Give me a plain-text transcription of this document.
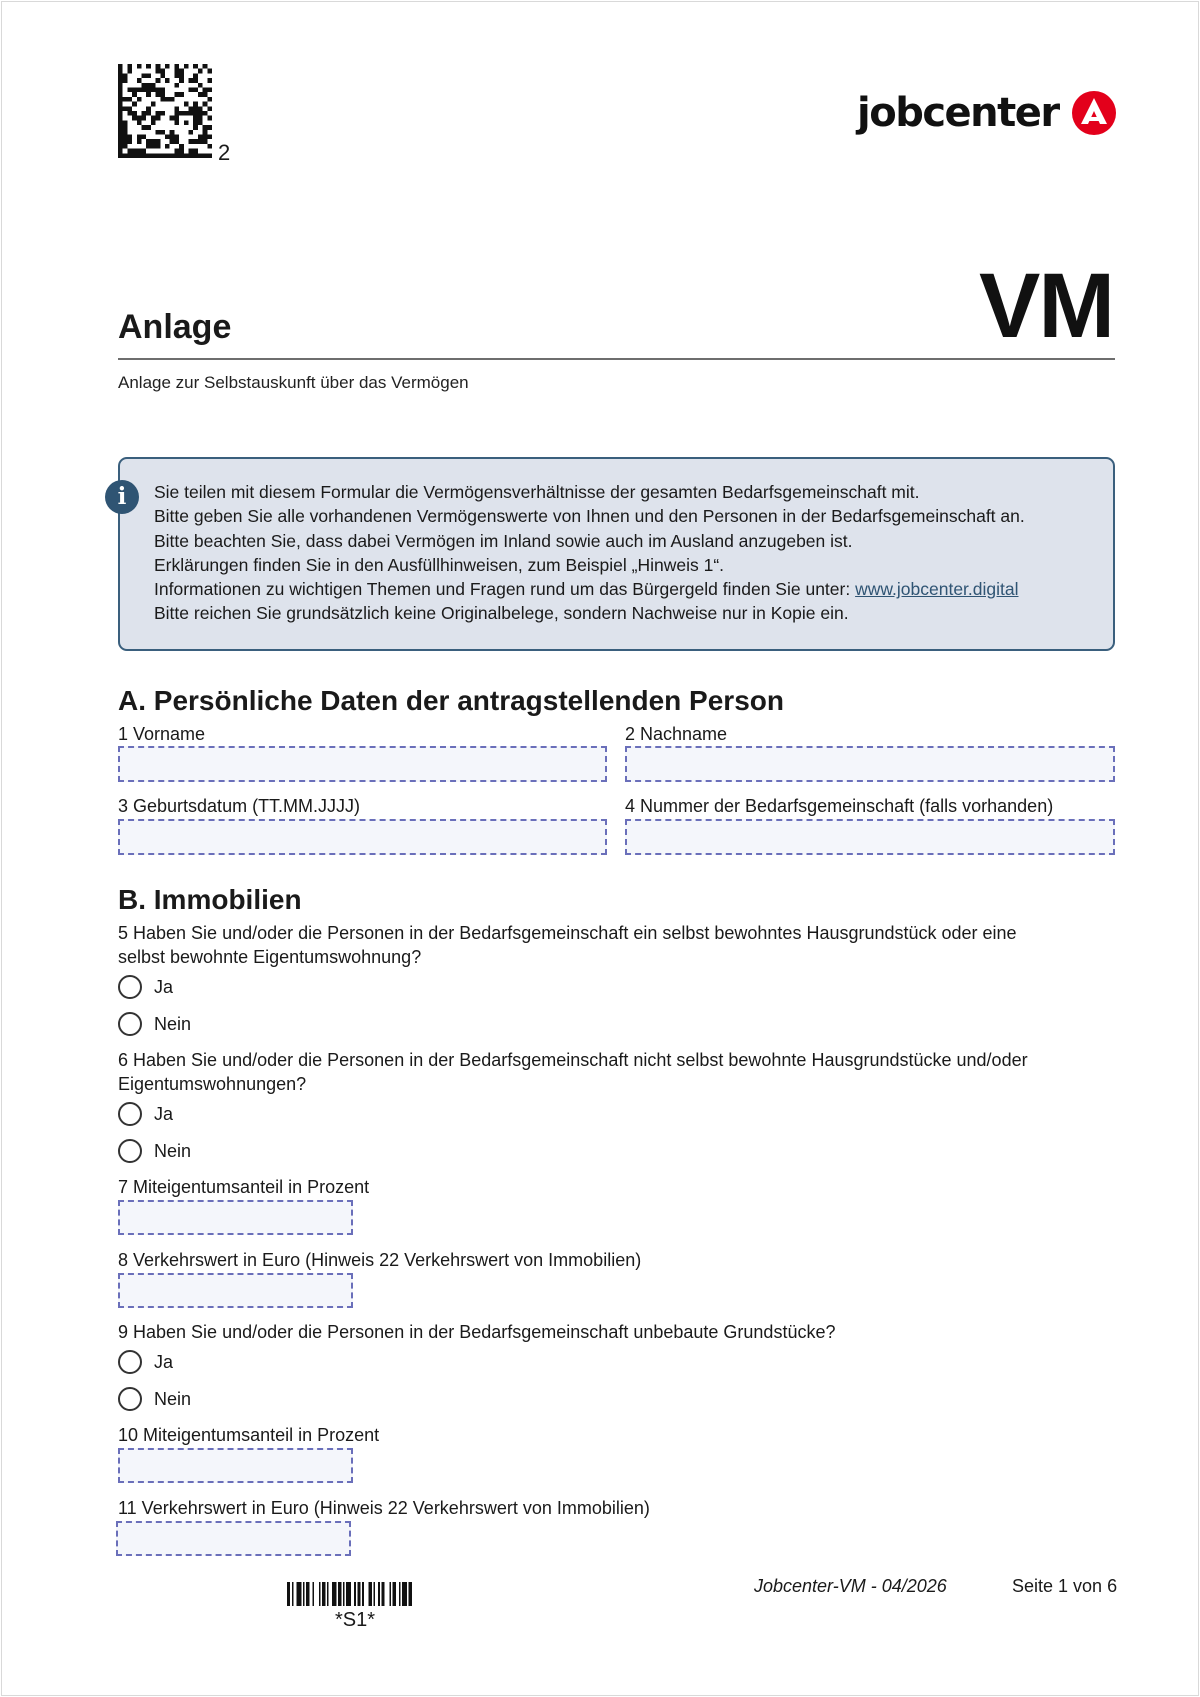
2
jobcenter
VM
Anlage
Anlage zur Selbstauskunft über das Vermögen
i	Sie teilen mit diesem Formular die Vermögensverhältnisse der gesamten Bedarfsgemeinschaft mit.
Bitte geben Sie alle vorhandenen Vermögenswerte von Ihnen und den Personen in der Bedarfsgemeinschaft an.
Bitte beachten Sie, dass dabei Vermögen im Inland sowie auch im Ausland anzugeben ist.
Erklärungen finden Sie in den Ausfüllhinweisen, zum Beispiel „Hinweis 1“.
Informationen zu wichtigen Themen und Fragen rund um das Bürgergeld finden Sie unter: www.jobcenter.digital
Bitte reichen Sie grundsätzlich keine Originalbelege, sondern Nachweise nur in Kopie ein.
A. Persönliche Daten der antragstellenden Person
1 Vorname	2 Nachname
3 Geburtsdatum (TT.MM.JJJJ)	4 Nummer der Bedarfsgemeinschaft (falls vorhanden)
B. Immobilien
5 Haben Sie und/oder die Personen in der Bedarfsgemeinschaft ein selbst bewohntes Hausgrundstück oder eine
selbst bewohnte Eigentumswohnung?
Ja
Nein
6 Haben Sie und/oder die Personen in der Bedarfsgemeinschaft nicht selbst bewohnte Hausgrundstücke und/oder
Eigentumswohnungen?
Ja
Nein
7 Miteigentumsanteil in Prozent
8 Verkehrswert in Euro (Hinweis 22 Verkehrswert von Immobilien)
9 Haben Sie und/oder die Personen in der Bedarfsgemeinschaft unbebaute Grundstücke?
Ja
Nein
10 Miteigentumsanteil in Prozent
11 Verkehrswert in Euro (Hinweis 22 Verkehrswert von Immobilien)
*S1*
Jobcenter-VM - 04/2026	Seite 1 von 6
